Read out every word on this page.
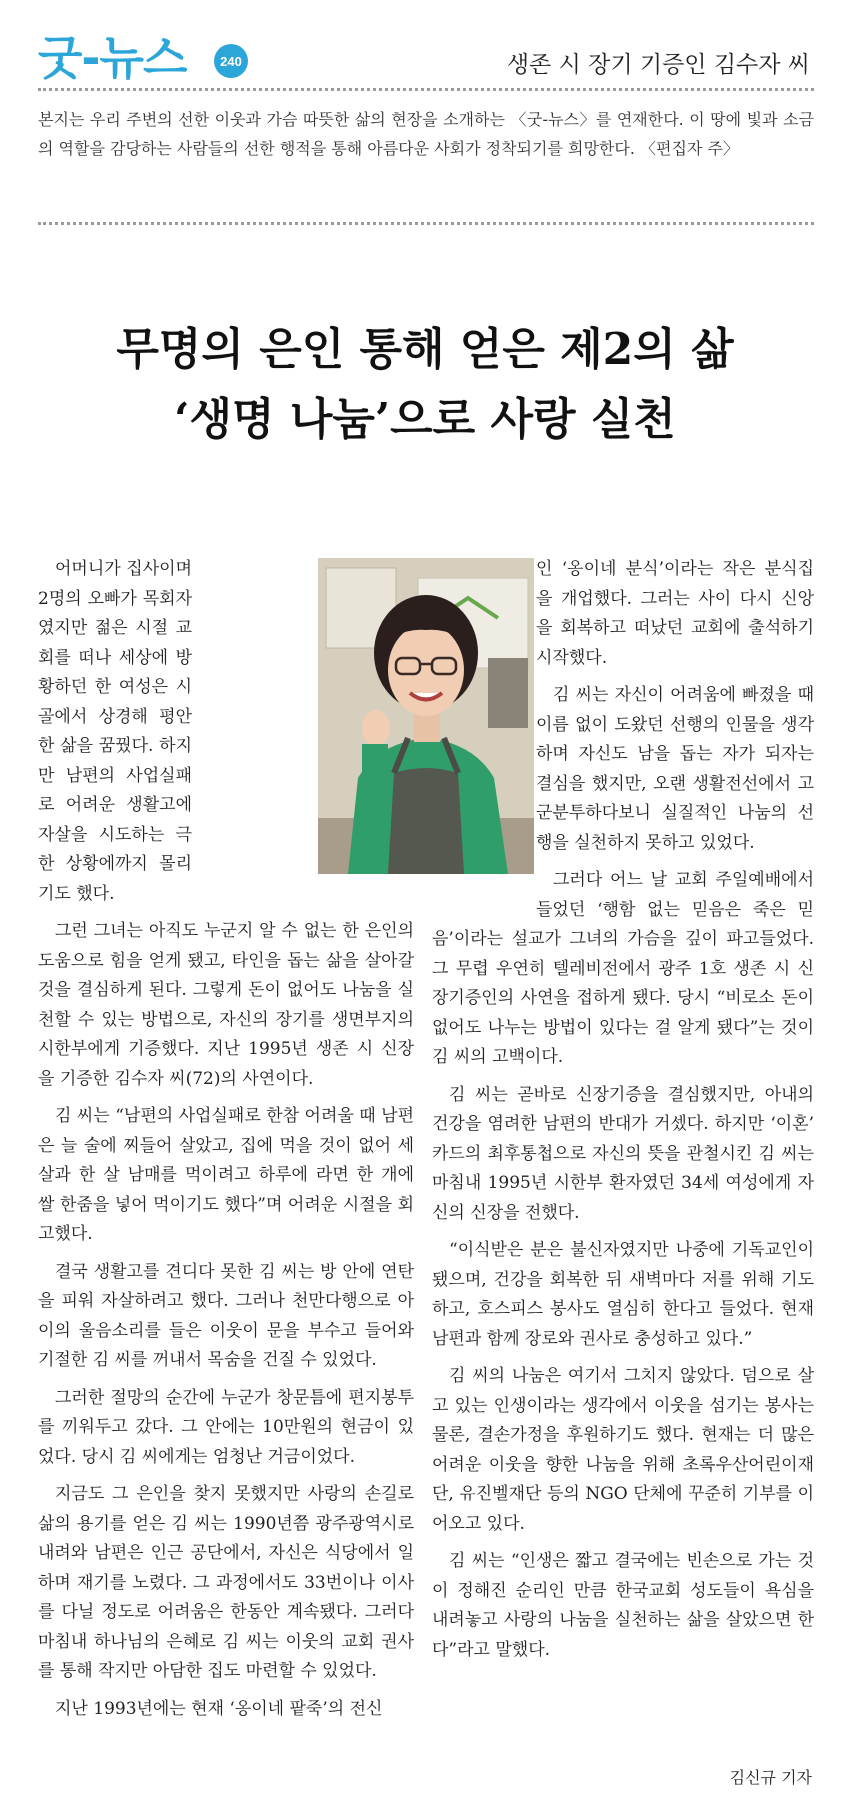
굿-뉴스	240	생존 시 장기 기증인 김수자 씨

본지는 우리 주변의 선한 이웃과 가슴 따뜻한 삶의 현장을 소개하는 〈굿-뉴스〉를 연재한다. 이 땅에 빛과 소금의 역할을 감당하는 사람들의 선한 행적을 통해 아름다운 사회가 정착되기를 희망한다. 〈편집자 주〉

무명의 은인 통해 얻은 제2의 삶
‘생명 나눔’으로 사랑 실천

어머니가 집사이며 2명의 오빠가 목회자였지만 젊은 시절 교회를 떠나 세상에 방황하던 한 여성은 시골에서 상경해 평안한 삶을 꿈꿨다. 하지만 남편의 사업실패로 어려운 생활고에 자살을 시도하는 극한 상황에까지 몰리기도 했다.

그런 그녀는 아직도 누군지 알 수 없는 한 은인의 도움으로 힘을 얻게 됐고, 타인을 돕는 삶을 살아갈 것을 결심하게 된다. 그렇게 돈이 없어도 나눔을 실천할 수 있는 방법으로, 자신의 장기를 생면부지의 시한부에게 기증했다. 지난 1995년 생존 시 신장을 기증한 김수자 씨(72)의 사연이다.

김 씨는 “남편의 사업실패로 한참 어려울 때 남편은 늘 술에 찌들어 살았고, 집에 먹을 것이 없어 세 살과 한 살 남매를 먹이려고 하루에 라면 한 개에 쌀 한줌을 넣어 먹이기도 했다”며 어려운 시절을 회고했다.

결국 생활고를 견디다 못한 김 씨는 방 안에 연탄을 피워 자살하려고 했다. 그러나 천만다행으로 아이의 울음소리를 들은 이웃이 문을 부수고 들어와 기절한 김 씨를 꺼내서 목숨을 건질 수 있었다.

그러한 절망의 순간에 누군가 창문틈에 편지봉투를 끼워두고 갔다. 그 안에는 10만원의 현금이 있었다. 당시 김 씨에게는 엄청난 거금이었다.

지금도 그 은인을 찾지 못했지만 사랑의 손길로 삶의 용기를 얻은 김 씨는 1990년쯤 광주광역시로 내려와 남편은 인근 공단에서, 자신은 식당에서 일하며 재기를 노렸다. 그 과정에서도 33번이나 이사를 다닐 정도로 어려움은 한동안 계속됐다. 그러다 마침내 하나님의 은혜로 김 씨는 이웃의 교회 권사를 통해 작지만 아담한 집도 마련할 수 있었다.

지난 1993년에는 현재 ‘옹이네 팥죽’의 전신

인 ‘옹이네 분식’이라는 작은 분식집을 개업했다. 그러는 사이 다시 신앙을 회복하고 떠났던 교회에 출석하기 시작했다.

김 씨는 자신이 어려움에 빠졌을 때 이름 없이 도왔던 선행의 인물을 생각하며 자신도 남을 돕는 자가 되자는 결심을 했지만, 오랜 생활전선에서 고군분투하다보니 실질적인 나눔의 선행을 실천하지 못하고 있었다.

그러다 어느 날 교회 주일예배에서 들었던 ‘행함 없는 믿음은 죽은 믿음’이라는 설교가 그녀의 가슴을 깊이 파고들었다. 그 무렵 우연히 텔레비전에서 광주 1호 생존 시 신장기증인의 사연을 접하게 됐다. 당시 “비로소 돈이 없어도 나누는 방법이 있다는 걸 알게 됐다”는 것이 김 씨의 고백이다.

김 씨는 곧바로 신장기증을 결심했지만, 아내의 건강을 염려한 남편의 반대가 거셌다. 하지만 ‘이혼’ 카드의 최후통첩으로 자신의 뜻을 관철시킨 김 씨는 마침내 1995년 시한부 환자였던 34세 여성에게 자신의 신장을 전했다.

“이식받은 분은 불신자였지만 나중에 기독교인이 됐으며, 건강을 회복한 뒤 새벽마다 저를 위해 기도하고, 호스피스 봉사도 열심히 한다고 들었다. 현재 남편과 함께 장로와 권사로 충성하고 있다.”

김 씨의 나눔은 여기서 그치지 않았다. 덤으로 살고 있는 인생이라는 생각에서 이웃을 섬기는 봉사는 물론, 결손가정을 후원하기도 했다. 현재는 더 많은 어려운 이웃을 향한 나눔을 위해 초록우산어린이재단, 유진벨재단 등의 NGO 단체에 꾸준히 기부를 이어오고 있다.

김 씨는 “인생은 짧고 결국에는 빈손으로 가는 것이 정해진 순리인 만큼 한국교회 성도들이 욕심을 내려놓고 사랑의 나눔을 실천하는 삶을 살았으면 한다”라고 말했다.

김신규 기자
